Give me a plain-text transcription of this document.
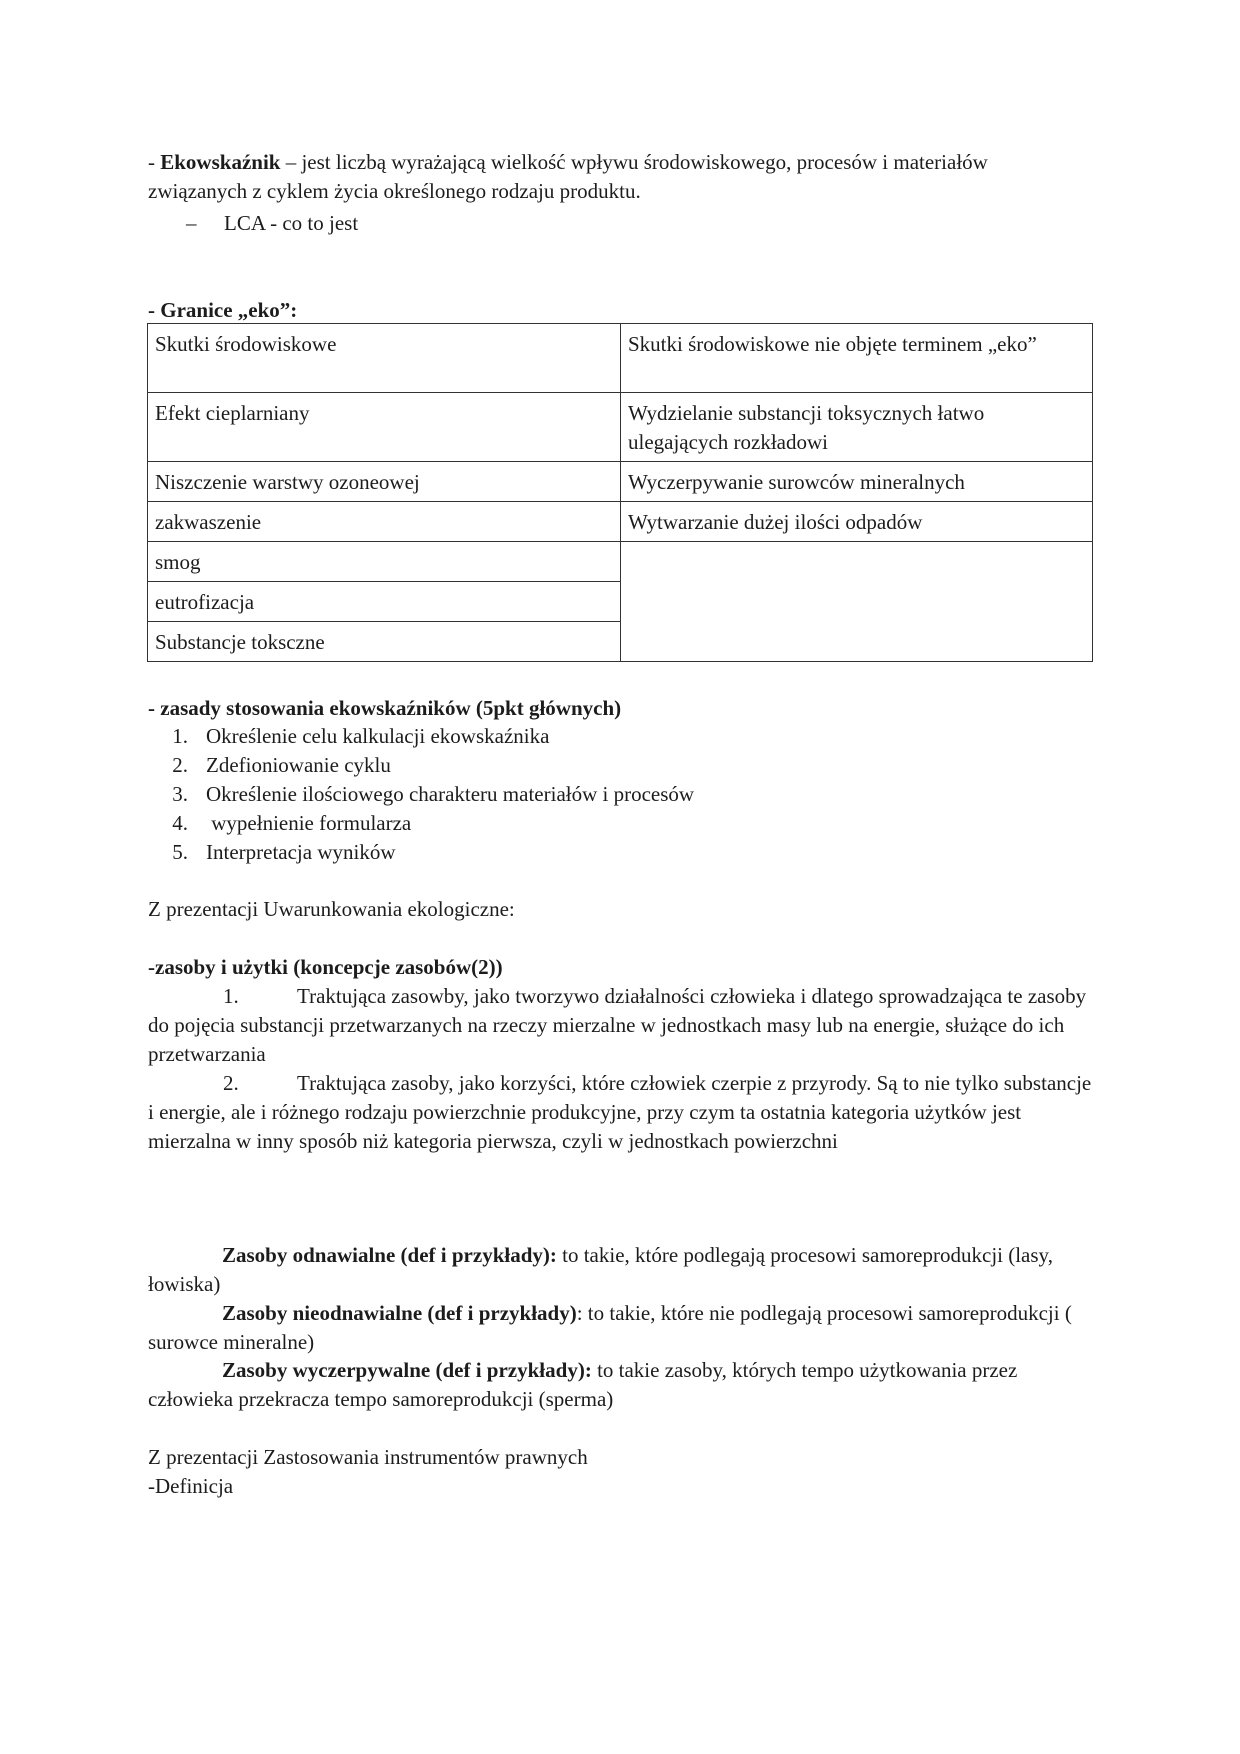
- Ekowskaźnik – jest liczbą wyrażającą wielkość wpływu środowiskowego, procesów i materiałów związanych z cyklem życia określonego rodzaju produktu.
– LCA - co to jest
- Granice „eko”:
Skutki środowiskowe	Skutki środowiskowe nie objęte terminem „eko”
Efekt cieplarniany	Wydzielanie substancji toksycznych łatwo ulegających rozkładowi
Niszczenie warstwy ozoneowej	Wyczerpywanie surowców mineralnych
zakwaszenie	Wytwarzanie dużej ilości odpadów
smog	
eutrofizacja	
Substancje toksczne	
- zasady stosowania ekowskaźników (5pkt głównych)
1. Określenie celu kalkulacji ekowskaźnika
2. Zdefioniowanie cyklu
3. Określenie ilościowego charakteru materiałów i procesów
4. wypełnienie formularza
5. Interpretacja wyników
Z prezentacji Uwarunkowania ekologiczne:
-zasoby i użytki (koncepcje zasobów(2))
1.	Traktująca zasowby, jako tworzywo działalności człowieka i dlatego sprowadzająca te zasoby do pojęcia substancji przetwarzanych na rzeczy mierzalne w jednostkach masy lub na energie, służące do ich przetwarzania
2.	Traktująca zasoby, jako korzyści, które człowiek czerpie z przyrody. Są to nie tylko substancje i energie, ale i różnego rodzaju powierzchnie produkcyjne, przy czym ta ostatnia kategoria użytków jest mierzalna w inny sposób niż kategoria pierwsza, czyli w jednostkach powierzchni
Zasoby odnawialne (def i przykłady): to takie, które podlegają procesowi samoreprodukcji (lasy, łowiska)
Zasoby nieodnawialne (def i przykłady): to takie, które nie podlegają procesowi samoreprodukcji ( surowce mineralne)
Zasoby wyczerpywalne (def i przykłady): to takie zasoby, których tempo użytkowania przez człowieka przekracza tempo samoreprodukcji (sperma)
Z prezentacji Zastosowania instrumentów prawnych
-Definicja
